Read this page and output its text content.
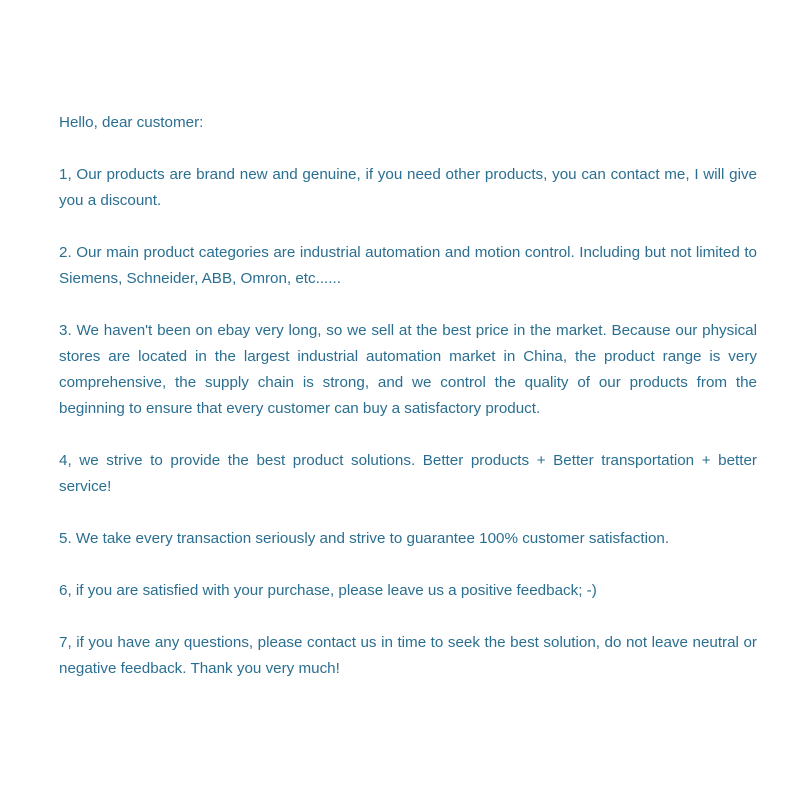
Hello, dear customer:

1, Our products are brand new and genuine, if you need other products, you can contact me, I will give you a discount.

2. Our main product categories are industrial automation and motion control. Including but not limited to Siemens, Schneider, ABB, Omron, etc......

3. We haven't been on ebay very long, so we sell at the best price in the market. Because our physical stores are located in the largest industrial automation market in China, the product range is very comprehensive, the supply chain is strong, and we control the quality of our products from the beginning to ensure that every customer can buy a satisfactory product.

4, we strive to provide the best product solutions. Better products + Better transportation + better service!

5. We take every transaction seriously and strive to guarantee 100% customer satisfaction.

6, if you are satisfied with your purchase, please leave us a positive feedback; -)

7, if you have any questions, please contact us in time to seek the best solution, do not leave neutral or negative feedback. Thank you very much!
